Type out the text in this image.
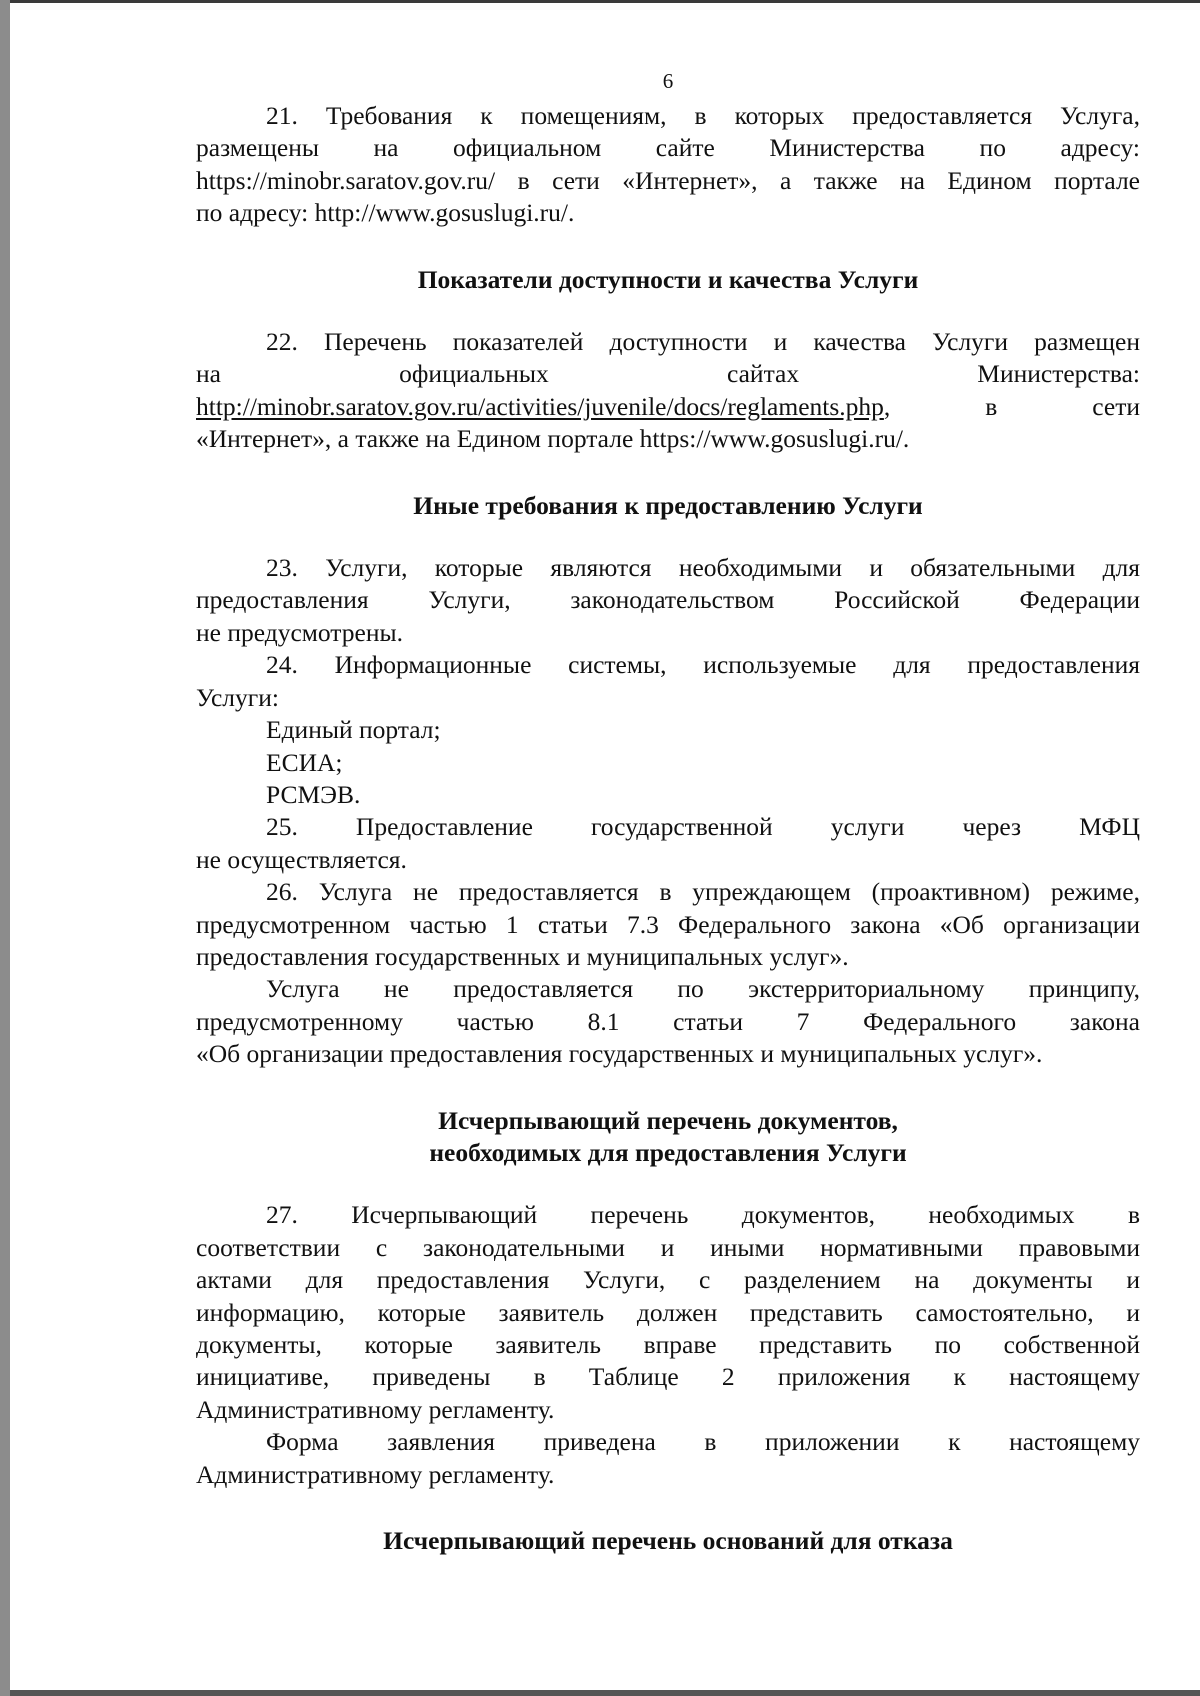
6

21. Требования к помещениям, в которых предоставляется Услуга,

размещены на официальном сайте Министерства по адресу:

https://minobr.saratov.gov.ru/ в сети «Интернет», а также на Едином портале

по адресу: http://www.gosuslugi.ru/.

Показатели доступности и качества Услуги

22. Перечень показателей доступности и качества Услуги размещен

на официальных сайтах Министерства:

http://minobr.saratov.gov.ru/activities/juvenile/docs/reglaments.php, в сети

«Интернет», а также на Едином портале https://www.gosuslugi.ru/.

Иные требования к предоставлению Услуги

23. Услуги, которые являются необходимыми и обязательными для

предоставления Услуги, законодательством Российской Федерации

не предусмотрены.

24. Информационные системы, используемые для предоставления

Услуги:

Единый портал;

ЕСИА;

РСМЭВ.

25. Предоставление государственной услуги через МФЦ

не осуществляется.

26. Услуга не предоставляется в упреждающем (проактивном) режиме,

предусмотренном частью 1 статьи 7.3 Федерального закона «Об организации

предоставления государственных и муниципальных услуг».

Услуга не предоставляется по экстерриториальному принципу,

предусмотренному частью 8.1 статьи 7 Федерального закона

«Об организации предоставления государственных и муниципальных услуг».

Исчерпывающий перечень документов,
необходимых для предоставления Услуги

27. Исчерпывающий перечень документов, необходимых в

соответствии с законодательными и иными нормативными правовыми

актами для предоставления Услуги, с разделением на документы и

информацию, которые заявитель должен представить самостоятельно, и

документы, которые заявитель вправе представить по собственной

инициативе, приведены в Таблице 2 приложения к настоящему

Административному регламенту.

Форма заявления приведена в приложении к настоящему

Административному регламенту.

Исчерпывающий перечень оснований для отказа
